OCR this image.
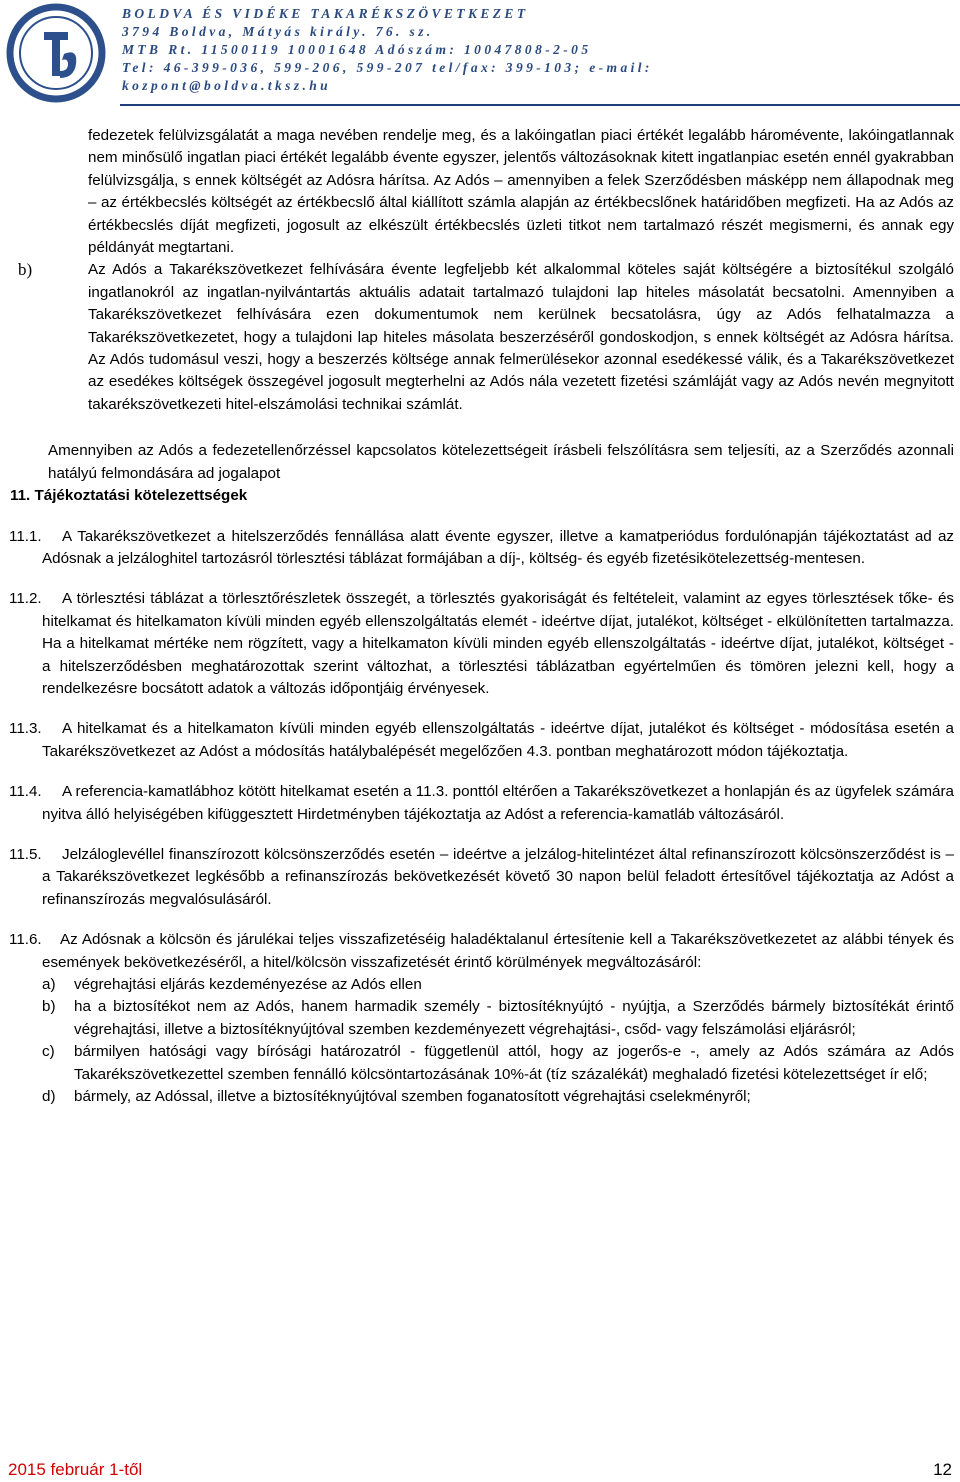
BOLDVA ÉS VIDÉKE TAKARÉKSZÖVETKEZET
3794 Boldva, Mátyás király. 76. sz.
MTB Rt. 11500119 10001648 Adószám: 10047808-2-05
Tel: 46-399-036, 599-206, 599-207 tel/fax: 399-103; e-mail:
kozpont@boldva.tksz.hu

fedezetek felülvizsgálatát a maga nevében rendelje meg, és a lakóingatlan piaci értékét legalább háromévente, lakóingatlannak nem minősülő ingatlan piaci értékét legalább évente egyszer, jelentős változásoknak kitett ingatlanpiac esetén ennél gyakrabban felülvizsgálja, s ennek költségét az Adósra hárítsa. Az Adós – amennyiben a felek Szerződésben másképp nem állapodnak meg – az értékbecslés költségét az értékbecslő által kiállított számla alapján az értékbecslőnek határidőben megfizeti. Ha az Adós az értékbecslés díját megfizeti, jogosult az elkészült értékbecslés üzleti titkot nem tartalmazó részét megismerni, és annak egy példányát megtartani.

b)	Az Adós a Takarékszövetkezet felhívására évente legfeljebb két alkalommal köteles saját költségére a biztosítékul szolgáló ingatlanokról az ingatlan-nyilvántartás aktuális adatait tartalmazó tulajdoni lap hiteles másolatát becsatolni. Amennyiben a Takarékszövetkezet felhívására ezen dokumentumok nem kerülnek becsatolásra, úgy az Adós felhatalmazza a Takarékszövetkezetet, hogy a tulajdoni lap hiteles másolata beszerzéséről gondoskodjon, s ennek költségét az Adósra hárítsa. Az Adós tudomásul veszi, hogy a beszerzés költsége annak felmerülésekor azonnal esedékessé válik, és a Takarékszövetkezet az esedékes költségek összegével jogosult megterhelni az Adós nála vezetett fizetési számláját vagy az Adós nevén megnyitott takarékszövetkezeti hitel-elszámolási technikai számlát.

Amennyiben az Adós a fedezetellenőrzéssel kapcsolatos kötelezettségeit írásbeli felszólításra sem teljesíti, az a Szerződés azonnali hatályú felmondására ad jogalapot

11. Tájékoztatási kötelezettségek

11.1.	A Takarékszövetkezet a hitelszerződés fennállása alatt évente egyszer, illetve a kamatperiódus fordulónapján tájékoztatást ad az Adósnak a jelzáloghitel tartozásról törlesztési táblázat formájában a díj-, költség- és egyéb fizetésikötelezettség-mentesen.

11.2.	A törlesztési táblázat a törlesztőrészletek összegét, a törlesztés gyakoriságát és feltételeit, valamint az egyes törlesztések tőke- és hitelkamat és hitelkamaton kívüli minden egyéb ellenszolgáltatás elemét - ideértve díjat, jutalékot, költséget - elkülönítetten tartalmazza. Ha a hitelkamat mértéke nem rögzített, vagy a hitelkamaton kívüli minden egyéb ellenszolgáltatás - ideértve díjat, jutalékot, költséget - a hitelszerződésben meghatározottak szerint változhat, a törlesztési táblázatban egyértelműen és tömören jelezni kell, hogy a rendelkezésre bocsátott adatok a változás időpontjáig érvényesek.

11.3.	A hitelkamat és a hitelkamaton kívüli minden egyéb ellenszolgáltatás - ideértve díjat, jutalékot és költséget - módosítása esetén a Takarékszövetkezet az Adóst a módosítás hatálybalépését megelőzően 4.3. pontban meghatározott módon tájékoztatja.

11.4.	A referencia-kamatlábhoz kötött hitelkamat esetén a 11.3. ponttól eltérően a Takarékszövetkezet a honlapján és az ügyfelek számára nyitva álló helyiségében kifüggesztett Hirdetményben tájékoztatja az Adóst a referencia-kamatláb változásáról.

11.5.	Jelzáloglevéllel finanszírozott kölcsönszerződés esetén – ideértve a jelzálog-hitelintézet által refinanszírozott kölcsönszerződést is – a Takarékszövetkezet legkésőbb a refinanszírozás bekövetkezését követő 30 napon belül feladott értesítővel tájékoztatja az Adóst a refinanszírozás megvalósulásáról.

11.6.	Az Adósnak a kölcsön és járulékai teljes visszafizetéséig haladéktalanul értesítenie kell a Takarékszövetkezetet az alábbi tények és események bekövetkezéséről, a hitel/kölcsön visszafizetését érintő körülmények megváltozásáról:

a) végrehajtási eljárás kezdeményezése az Adós ellen

b) ha a biztosítékot nem az Adós, hanem harmadik személy - biztosítéknyújtó - nyújtja, a Szerződés bármely biztosítékát érintő végrehajtási, illetve a biztosítéknyújtóval szemben kezdeményezett végrehajtási-, csőd- vagy felszámolási eljárásról;

c) bármilyen hatósági vagy bírósági határozatról - függetlenül attól, hogy az jogerős-e -, amely az Adós számára az Adós Takarékszövetkezettel szemben fennálló kölcsöntartozásának 10%-át (tíz százalékát) meghaladó fizetési kötelezettséget ír elő;

d) bármely, az Adóssal, illetve a biztosítéknyújtóval szemben foganatosított végrehajtási cselekményről;

2015 február 1-től	12
